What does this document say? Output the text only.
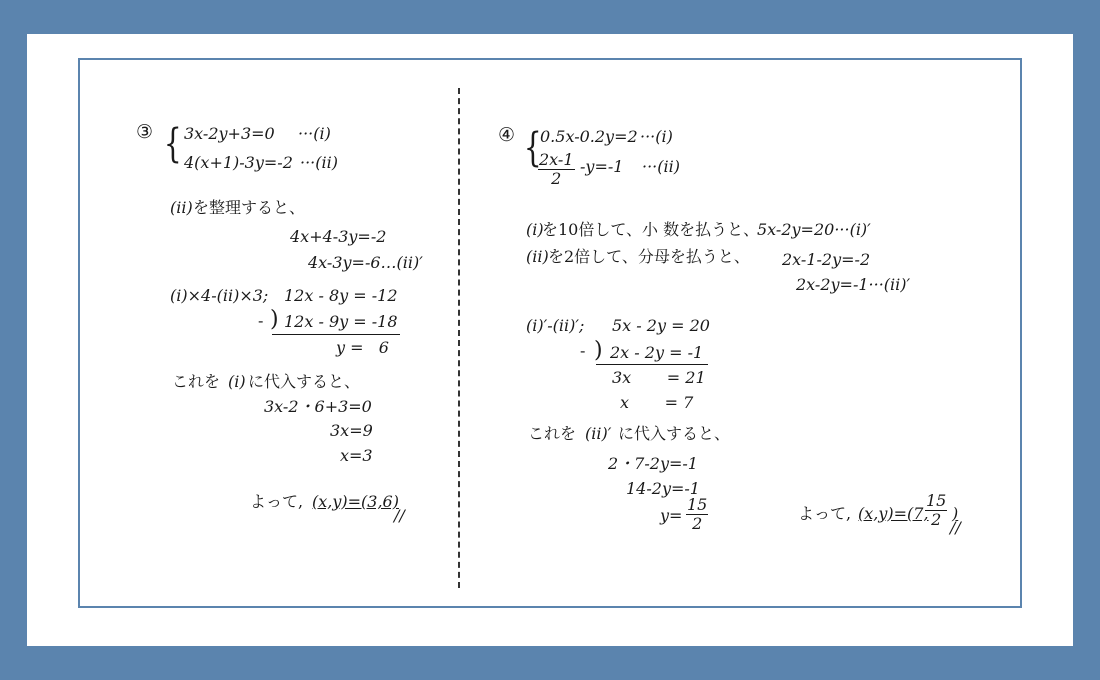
③ { 3x-2y+3=0 ···(i)
4(x+1)-3y=-2 ···(ii)
(ii) を整理すると、
4x+4-3y=-2
4x-3y=-6…(ii)′
(i)×4-(ii)×3; 12x - 8y = -12
- ) 12x - 9y = -18
y =   6
これを (i) に代入すると、
3x-2・6+3=0
3x=9
x=3
よって, (x,y)=(3,6)
//
④ {
0.5x-0.2y=2 ···(i)
$\frac{2x-1}{2} -y=-1 \cdot\cdot\cdot(ii)$
(i)
を10倍して、小 数を払うと、
5x-2y=20···(i)′
(ii) を2倍して、分母を払うと、 2x-1-2y=-2
2x-2y=-1···(ii)′
(i)′-(ii)′; 5x - 2y = 20
- ) 2x - 2y = -1
3x       = 21
x       = 7
これを (ii)′ に代入すると、
2・7-2y=-1
14-2y=-1
$y= \frac{15}{2}$	よって, (x,y)=(7,
$\frac{15}{2}$ )
//
